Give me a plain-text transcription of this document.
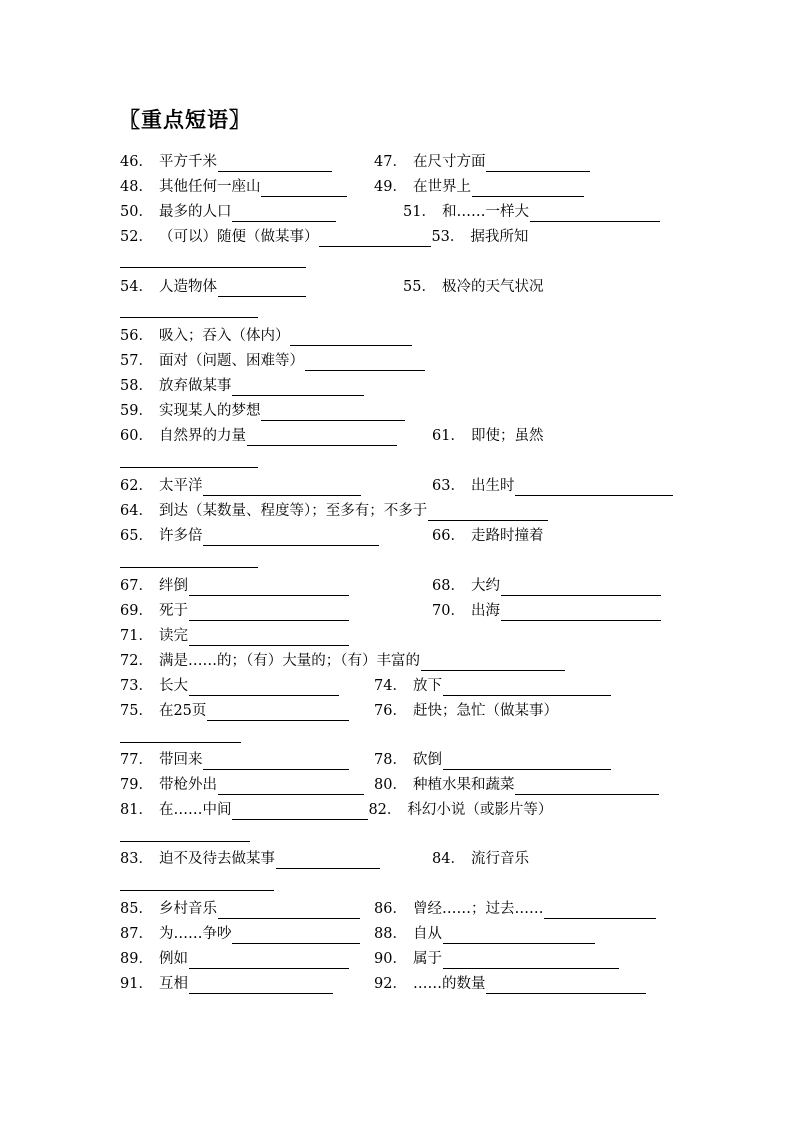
〖重点短语〗
46． 平方千米	47． 在尺寸方面
48． 其他任何一座山	49． 在世界上
50． 最多的人口	51． 和……一样大
52． （可以）随便（做某事）	53． 据我所知
54． 人造物体	55． 极冷的天气状况
56． 吸入；吞入（体内）
57． 面对（问题、困难等）
58． 放弃做某事
59． 实现某人的梦想
60． 自然界的力量	61． 即使；虽然
62． 太平洋	63． 出生时
64． 到达（某数量、程度等）；至多有；不多于
65． 许多倍	66． 走路时撞着
67． 绊倒	68． 大约
69． 死于	70． 出海
71． 读完
72． 满是……的；（有）大量的；（有）丰富的
73． 长大	74． 放下
75． 在25页	76． 赶快；急忙（做某事）
77． 带回来	78． 砍倒
79． 带枪外出	80． 种植水果和蔬菜
81． 在……中间	82． 科幻小说（或影片等）
83． 迫不及待去做某事	84． 流行音乐
85． 乡村音乐	86． 曾经……；过去……
87． 为……争吵	88． 自从
89． 例如	90． 属于
91． 互相	92． ……的数量
